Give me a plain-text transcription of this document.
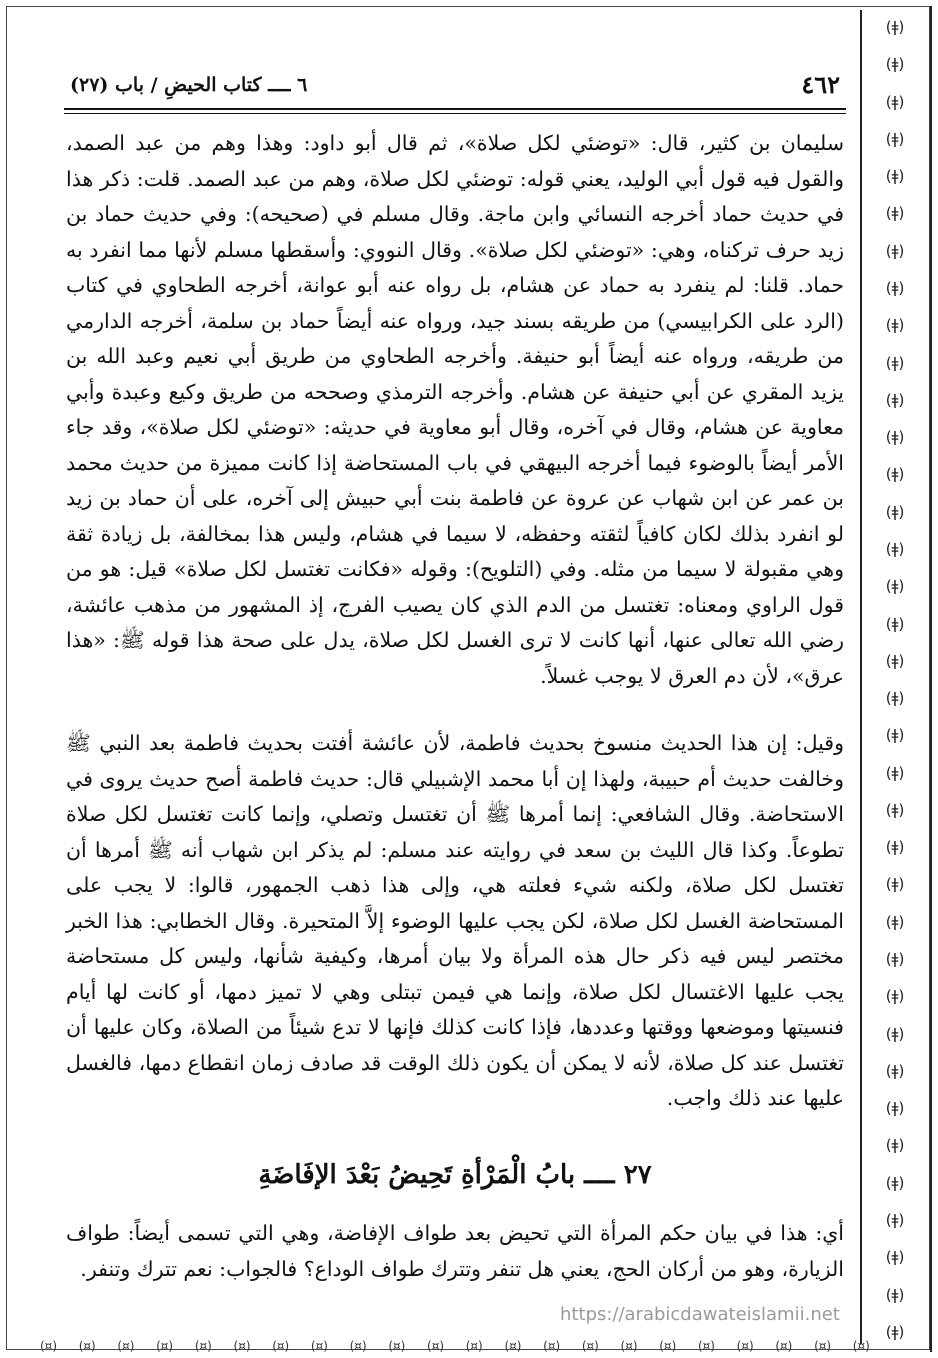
(ǂ)
(ǂ)
(ǂ)
(ǂ)
(ǂ)
(ǂ)
(ǂ)
(ǂ)
(ǂ)
(ǂ)
(ǂ)
(ǂ)
(ǂ)
(ǂ)
(ǂ)
(ǂ)
(ǂ)
(ǂ)
(ǂ)
(ǂ)
(ǂ)
(ǂ)
(ǂ)
(ǂ)
(ǂ)
(ǂ)
(ǂ)
(ǂ)
(ǂ)
(ǂ)
(ǂ)
(ǂ)
(ǂ)
(ǂ)
(ǂ)
(ǂ)
(¤) (¤) (¤) (¤) (¤) (¤) (¤) (¤) (¤) (¤) (¤) (¤) (¤) (¤) (¤) (¤) (¤) (¤) (¤) (¤) (¤) (¤)
٤٦٢
٦ ــــ كتاب الحيضِ / باب (٢٧)

سليمان بن كثير، قال: «توضئي لكل صلاة»، ثم قال أبو داود: وهذا وهم من عبد الصمد، والقول فيه قول أبي الوليد، يعني قوله: توضئي لكل صلاة، وهم من عبد الصمد. قلت: ذكر هذا في حديث حماد أخرجه النسائي وابن ماجة. وقال مسلم في (صحيحه): وفي حديث حماد بن زيد حرف تركناه، وهي: «توضئي لكل صلاة». وقال النووي: وأسقطها مسلم لأنها مما انفرد به حماد. قلنا: لم ينفرد به حماد عن هشام، بل رواه عنه أبو عوانة، أخرجه الطحاوي في كتاب (الرد على الكرابيسي) من طريقه بسند جيد، ورواه عنه أيضاً حماد بن سلمة، أخرجه الدارمي من طريقه، ورواه عنه أيضاً أبو حنيفة. وأخرجه الطحاوي من طريق أبي نعيم وعبد الله بن يزيد المقري عن أبي حنيفة عن هشام. وأخرجه الترمذي وصححه من طريق وكيع وعبدة وأبي معاوية عن هشام، وقال في آخره، وقال أبو معاوية في حديثه: «توضئي لكل صلاة»، وقد جاء الأمر أيضاً بالوضوء فيما أخرجه البيهقي في باب المستحاضة إذا كانت مميزة من حديث محمد بن عمر عن ابن شهاب عن عروة عن فاطمة بنت أبي حبيش إلى آخره، على أن حماد بن زيد لو انفرد بذلك لكان كافياً لثقته وحفظه، لا سيما في هشام، وليس هذا بمخالفة، بل زيادة ثقة وهي مقبولة لا سيما من مثله. وفي (التلويح): وقوله «فكانت تغتسل لكل صلاة» قيل: هو من قول الراوي ومعناه: تغتسل من الدم الذي كان يصيب الفرج، إذ المشهور من مذهب عائشة، رضي الله تعالى عنها، أنها كانت لا ترى الغسل لكل صلاة، يدل على صحة هذا قوله ﷺ: «هذا عرق»، لأن دم العرق لا يوجب غسلاً.

وقيل: إن هذا الحديث منسوخ بحديث فاطمة، لأن عائشة أفتت بحديث فاطمة بعد النبي ﷺ وخالفت حديث أم حبيبة، ولهذا إن أبا محمد الإشبيلي قال: حديث فاطمة أصح حديث يروى في الاستحاضة. وقال الشافعي: إنما أمرها ﷺ أن تغتسل وتصلي، وإنما كانت تغتسل لكل صلاة تطوعاً. وكذا قال الليث بن سعد في روايته عند مسلم: لم يذكر ابن شهاب أنه ﷺ أمرها أن تغتسل لكل صلاة، ولكنه شيء فعلته هي، وإلى هذا ذهب الجمهور، قالوا: لا يجب على المستحاضة الغسل لكل صلاة، لكن يجب عليها الوضوء إلاَّ المتحيرة. وقال الخطابي: هذا الخبر مختصر ليس فيه ذكر حال هذه المرأة ولا بيان أمرها، وكيفية شأنها، وليس كل مستحاضة يجب عليها الاغتسال لكل صلاة، وإنما هي فيمن تبتلى وهي لا تميز دمها، أو كانت لها أيام فنسيتها وموضعها ووقتها وعددها، فإذا كانت كذلك فإنها لا تدع شيئاً من الصلاة، وكان عليها أن تغتسل عند كل صلاة، لأنه لا يمكن أن يكون ذلك الوقت قد صادف زمان انقطاع دمها، فالغسل عليها عند ذلك واجب.

٢٧ ــــ بابُ الْمَرْأةِ تَحِيضُ بَعْدَ الإفَاضَةِ

أي: هذا في بيان حكم المرأة التي تحيض بعد طواف الإفاضة، وهي التي تسمى أيضاً: طواف الزيارة، وهو من أركان الحج، يعني هل تنفر وتترك طواف الوداع؟ فالجواب: نعم تترك وتنفر.

https://arabicdawateislamii.net
